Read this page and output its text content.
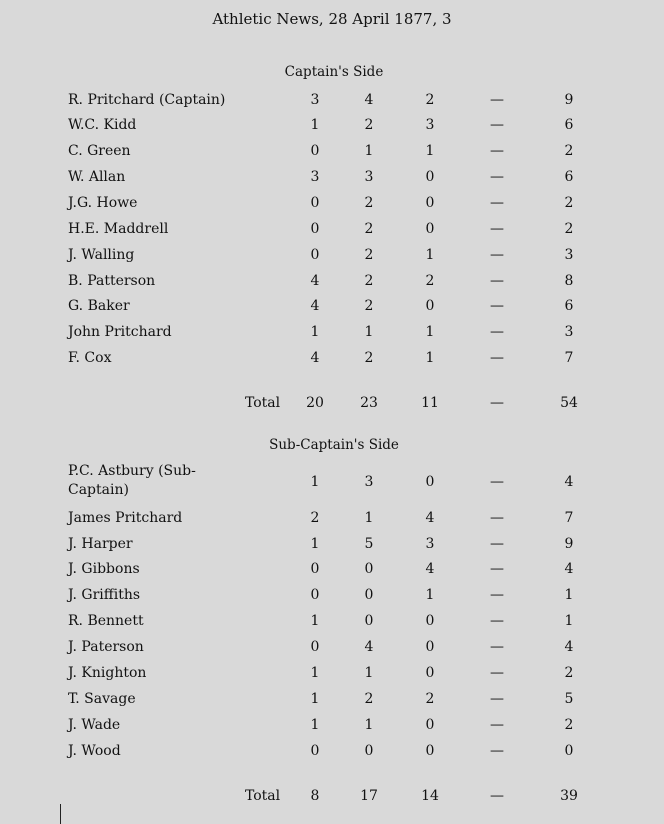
Athletic News, 28 April 1877, 3
Captain's Side
R. Pritchard (Captain)	3	4	2	—	9
W.C. Kidd	1	2	3	—	6
C. Green	0	1	1	—	2
W. Allan	3	3	0	—	6
J.G. Howe	0	2	0	—	2
H.E. Maddrell	0	2	0	—	2
J. Walling	0	2	1	—	3
B. Patterson	4	2	2	—	8
G. Baker	4	2	0	—	6
John Pritchard	1	1	1	—	3
F. Cox	4	2	1	—	7
Total 20	23	11	—	54
Sub-Captain's Side
P.C. Astbury (Sub-Captain)	1	3	0	—	4
James Pritchard	2	1	4	—	7
J. Harper	1	5	3	—	9
J. Gibbons	0	0	4	—	4
J. Griffiths	0	0	1	—	1
R. Bennett	1	0	0	—	1
J. Paterson	0	4	0	—	4
J. Knighton	1	1	0	—	2
T. Savage	1	2	2	—	5
J. Wade	1	1	0	—	2
J. Wood	0	0	0	—	0
Total	8	17	14	—	39
